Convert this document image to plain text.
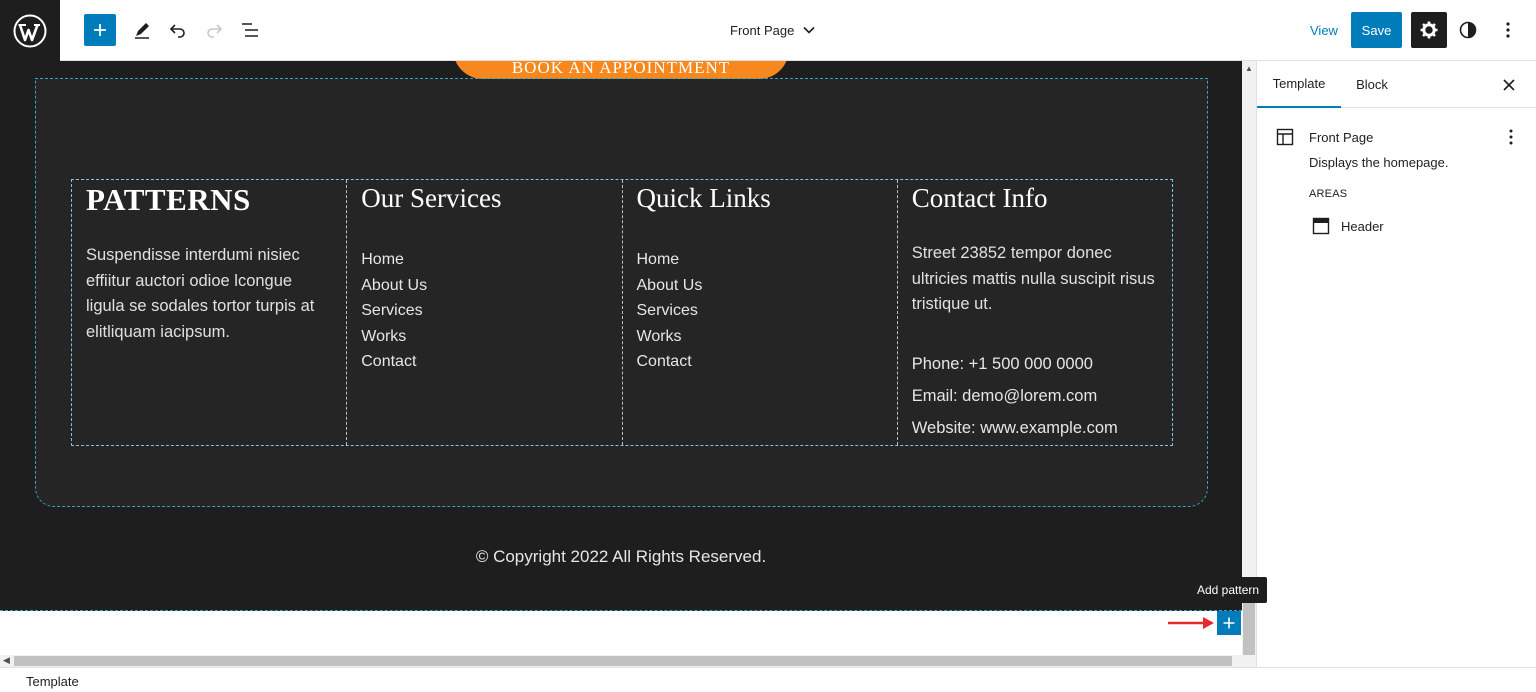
Front Page	View	Save
BOOK AN APPOINTMENT
PATTERNS
Suspendisse interdumi nisiec effiitur auctori odioe lcongue ligula se sodales tortor turpis at elitliquam iacipsum.
Our Services
Home
About Us
Services
Works
Contact
Quick Links
Home
About Us
Services
Works
Contact
Contact Info
Street 23852 tempor donec ultricies mattis nulla suscipit risus tristique ut.
Phone: +1 500 000 0000
Email: demo@lorem.com
Website: www.example.com
© Copyright 2022 All Rights Reserved.
Add pattern
▲
◀
Template
Template	Block
Front Page
Displays the homepage.
AREAS
Header
